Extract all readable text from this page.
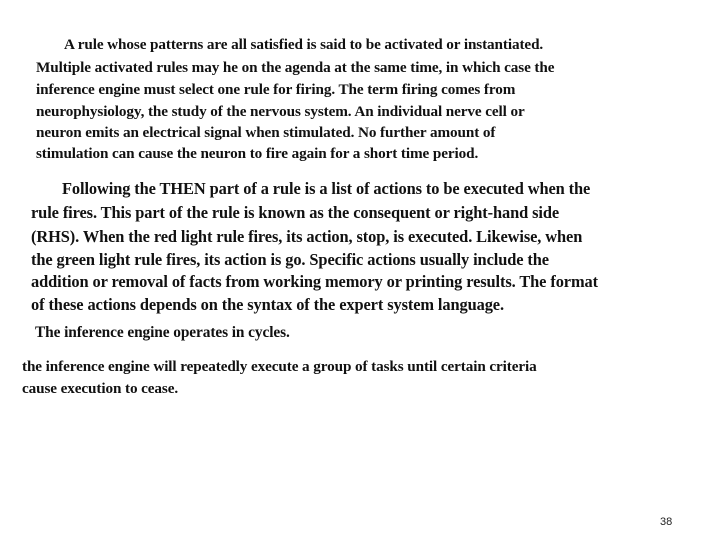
A rule whose patterns are all satisfied is said to be activated or instantiated.

Multiple activated rules may he on the agenda at the same time, in which case the

inference engine must select one rule for firing. The term firing comes from

neurophysiology, the study of the nervous system. An individual nerve cell or

neuron emits an electrical signal when stimulated. No further amount of

stimulation can cause the neuron to fire again for a short time period.

Following the THEN part of a rule is a list of actions to be executed when the

rule fires. This part of the rule is known as the consequent or right-hand side

(RHS). When the red light rule fires, its action, stop, is executed. Likewise, when

the green light rule fires, its action is go. Specific actions usually include the

addition or removal of facts from working memory or printing results. The format

of these actions depends on the syntax of the expert system language.

The inference engine operates in cycles.

the inference engine will repeatedly execute a group of tasks until certain criteria

cause execution to cease.

38
